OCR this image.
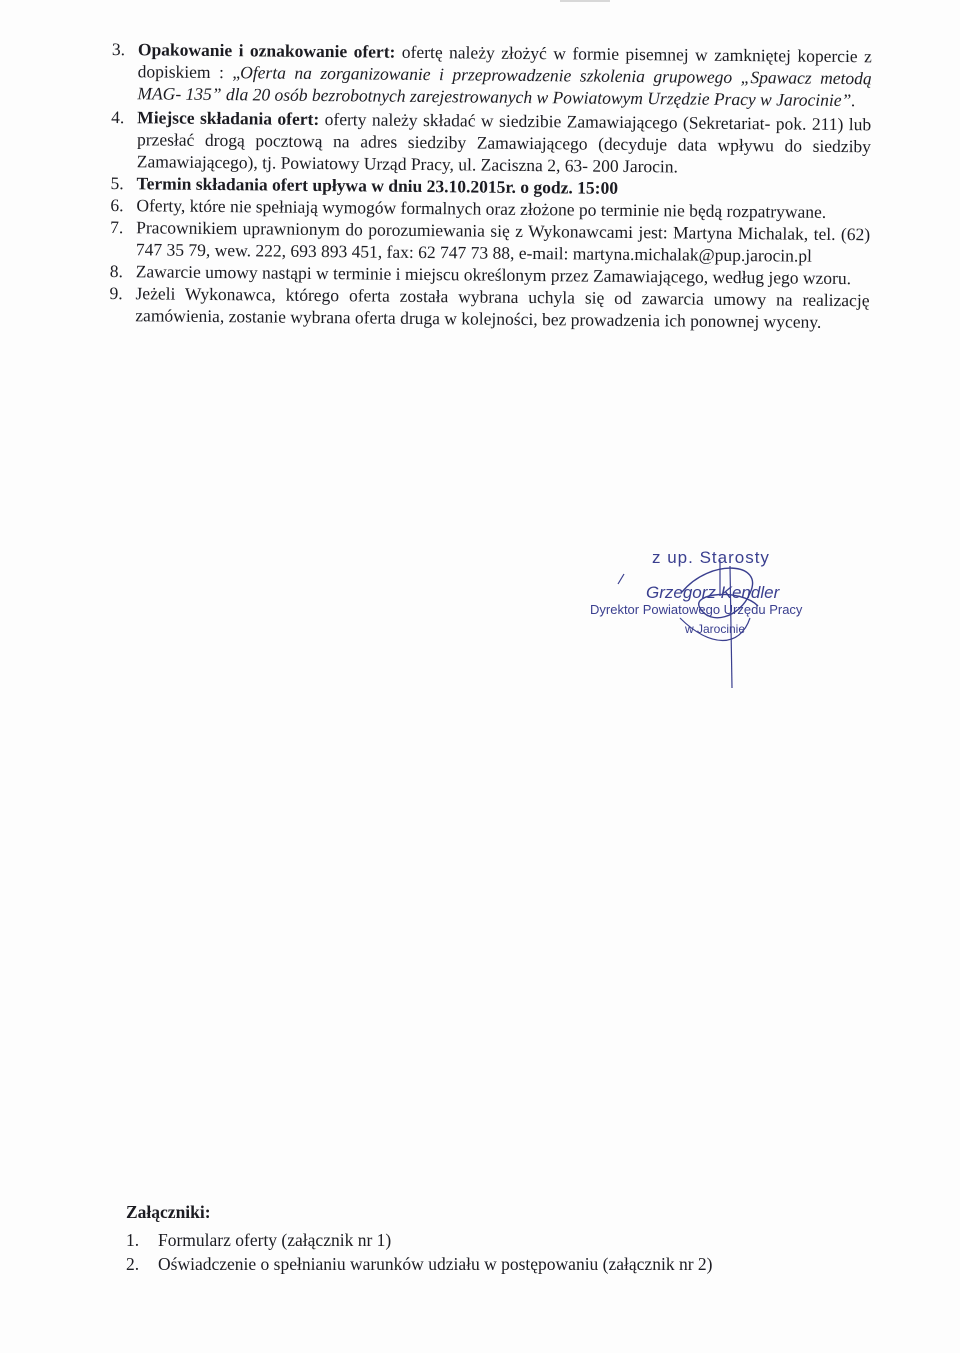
3. Opakowanie i oznakowanie ofert: ofertę należy złożyć w formie pisemnej w zamkniętej kopercie z dopiskiem : „Oferta na zorganizowanie i przeprowadzenie szkolenia grupowego „Spawacz metodą MAG- 135” dla 20 osób bezrobotnych zarejestrowanych w Powiatowym Urzędzie Pracy w Jarocinie”.

4. Miejsce składania ofert: oferty należy składać w siedzibie Zamawiającego (Sekretariat- pok. 211) lub przesłać drogą pocztową na adres siedziby Zamawiającego (decyduje data wpływu do siedziby Zamawiającego), tj. Powiatowy Urząd Pracy, ul. Zaciszna 2, 63- 200 Jarocin.

5. Termin składania ofert upływa w dniu 23.10.2015r. o godz. 15:00

6. Oferty, które nie spełniają wymogów formalnych oraz złożone po terminie nie będą rozpatrywane.

7. Pracownikiem uprawnionym do porozumiewania się z Wykonawcami jest: Martyna Michalak, tel. (62) 747 35 79, wew. 222, 693 893 451, fax: 62 747 73 88, e-mail: martyna.michalak@pup.jarocin.pl

8. Zawarcie umowy nastąpi w terminie i miejscu określonym przez Zamawiającego, według jego wzoru.

9. Jeżeli Wykonawca, którego oferta została wybrana uchyla się od zawarcia umowy na realizację zamówienia, zostanie wybrana oferta druga w kolejności, bez prowadzenia ich ponownej wyceny.

z up. Starosty
Grzegorz Kendler
Dyrektor Powiatowego Urzędu Pracy
w Jarocinie
Załączniki:
1.	Formularz oferty (załącznik nr 1)
2.	Oświadczenie o spełnianiu warunków udziału w postępowaniu (załącznik nr 2)
